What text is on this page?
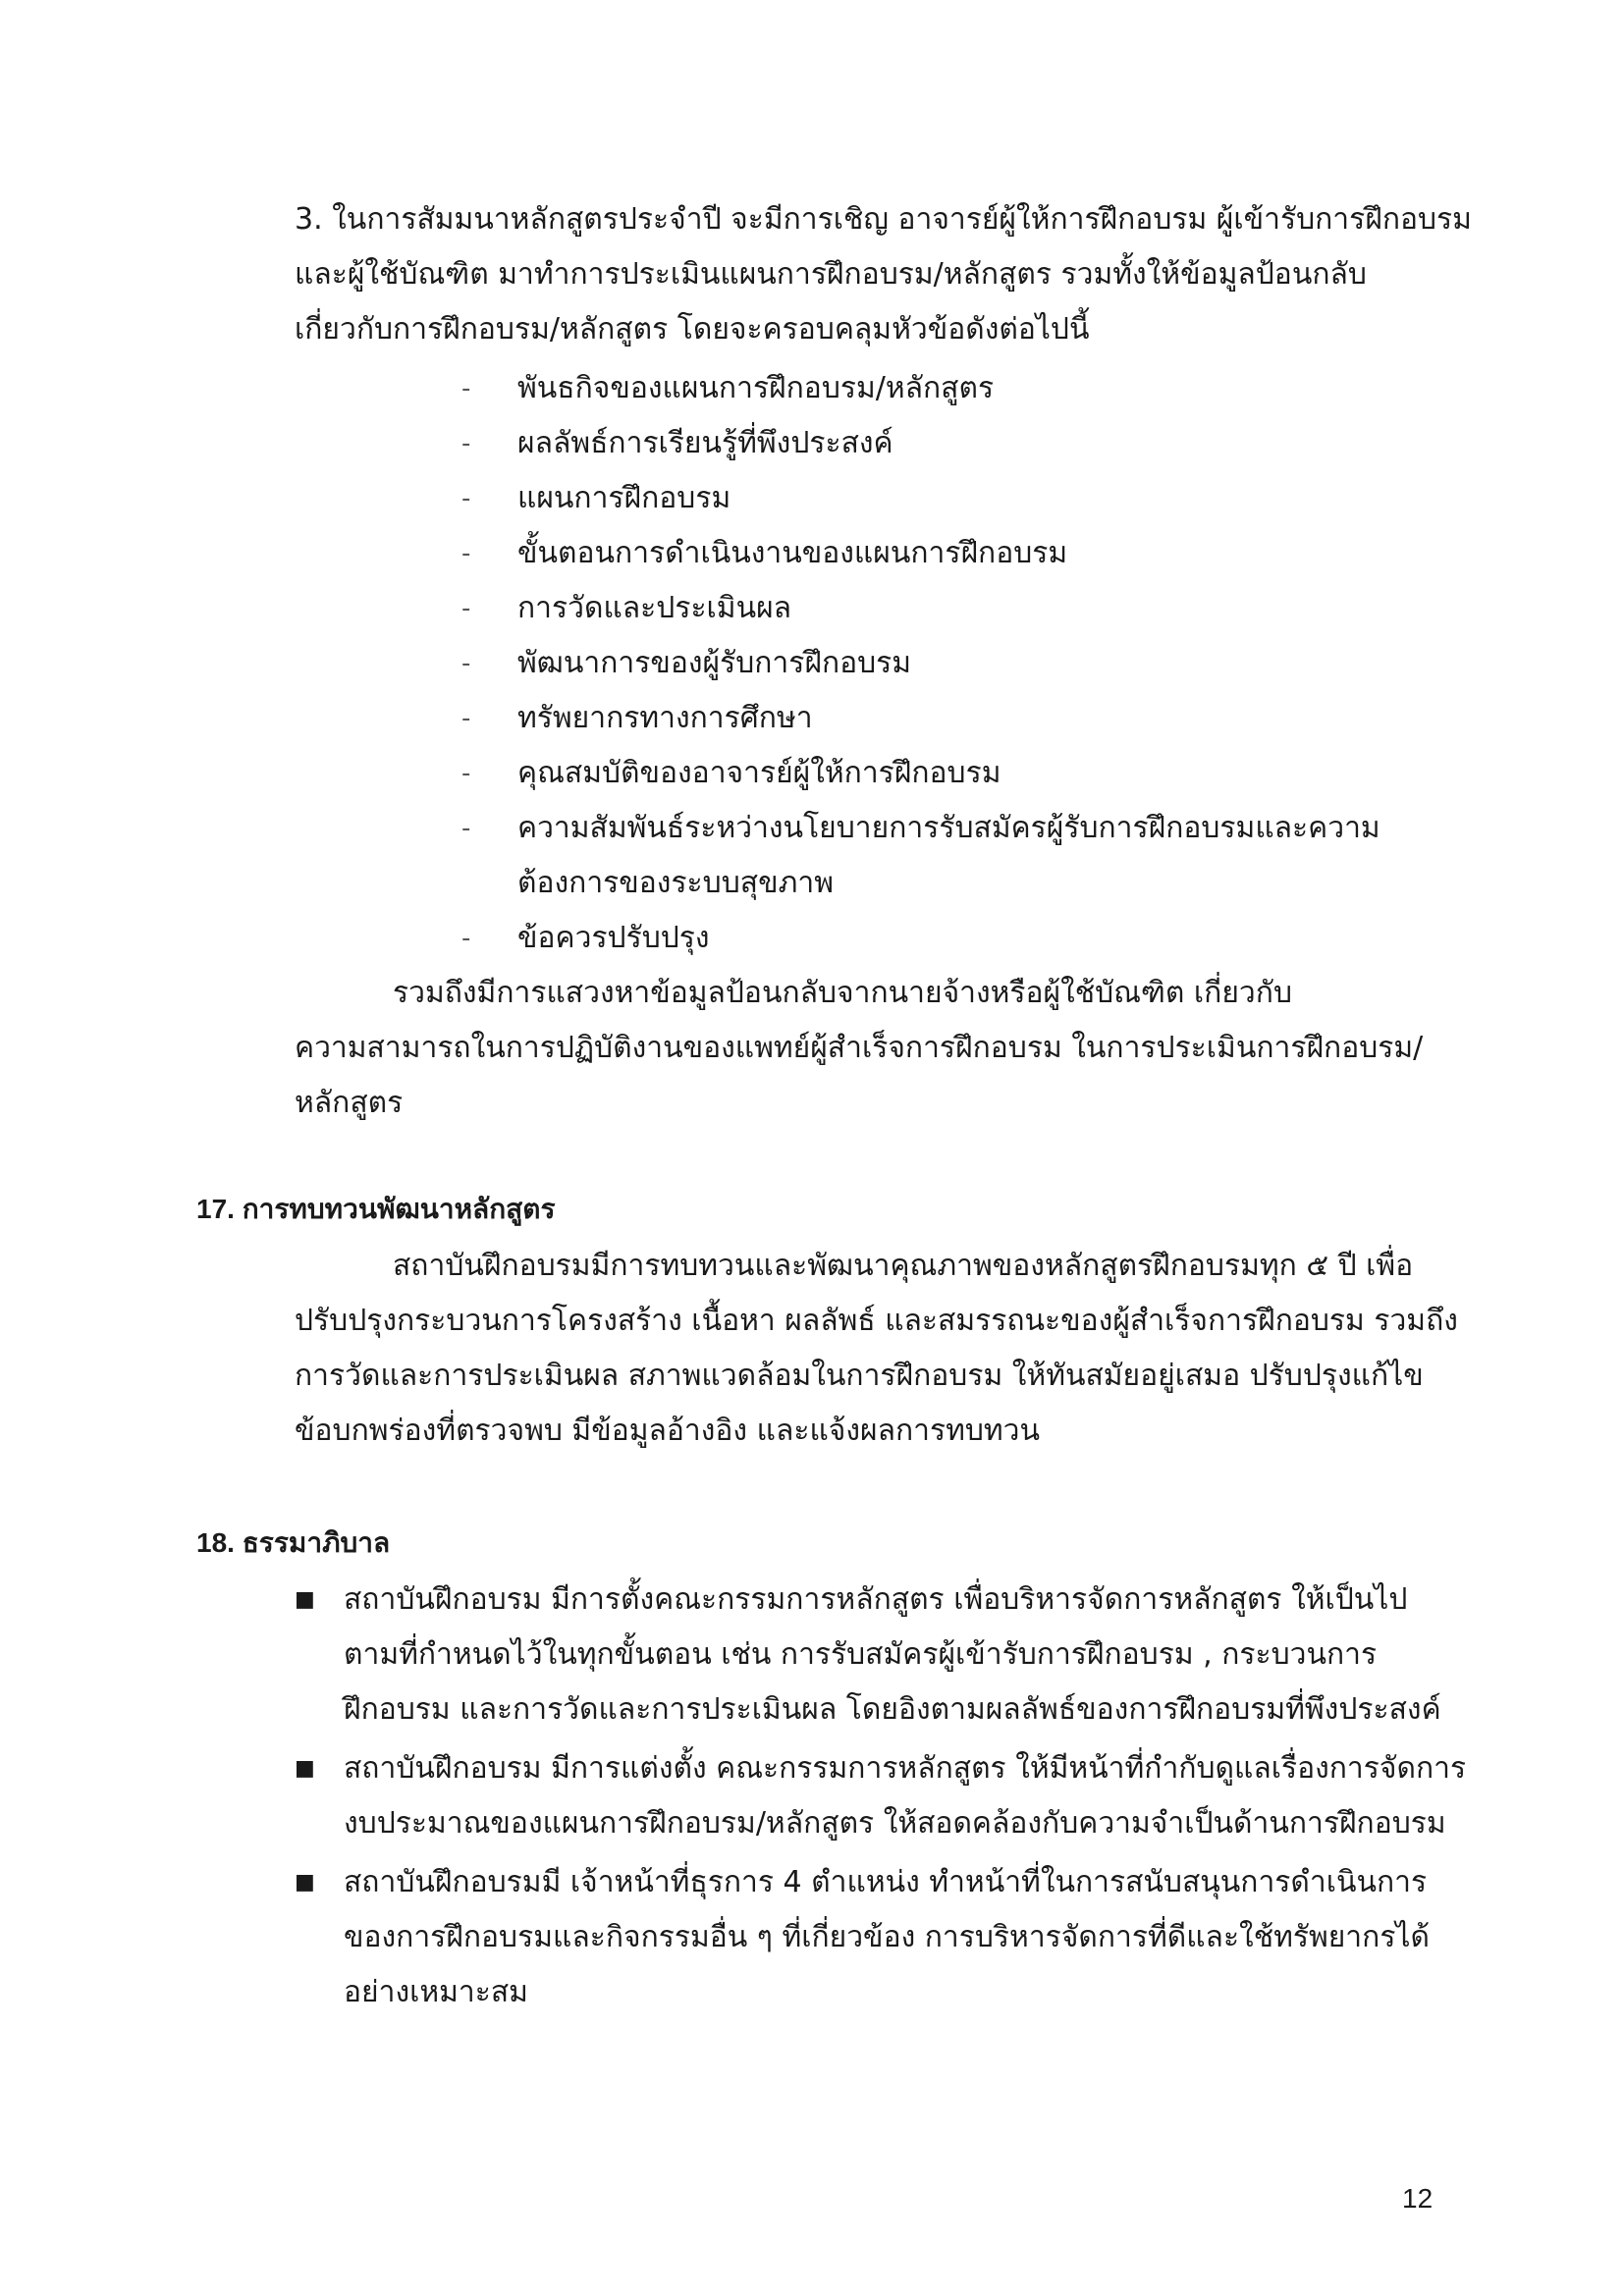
3. ในการสัมมนาหลักสูตรประจำปี จะมีการเชิญ อาจารย์ผู้ให้การฝึกอบรม ผู้เข้ารับการฝึกอบรม
และผู้ใช้บัณฑิต มาทำการประเมินแผนการฝึกอบรม/หลักสูตร รวมทั้งให้ข้อมูลป้อนกลับ
เกี่ยวกับการฝึกอบรม/หลักสูตร โดยจะครอบคลุมหัวข้อดังต่อไปนี้
- พันธกิจของแผนการฝึกอบรม/หลักสูตร
- ผลลัพธ์การเรียนรู้ที่พึงประสงค์
- แผนการฝึกอบรม
- ขั้นตอนการดำเนินงานของแผนการฝึกอบรม
- การวัดและประเมินผล
- พัฒนาการของผู้รับการฝึกอบรม
- ทรัพยากรทางการศึกษา
- คุณสมบัติของอาจารย์ผู้ให้การฝึกอบรม
- ความสัมพันธ์ระหว่างนโยบายการรับสมัครผู้รับการฝึกอบรมและความ
ต้องการของระบบสุขภาพ
- ข้อควรปรับปรุง
รวมถึงมีการแสวงหาข้อมูลป้อนกลับจากนายจ้างหรือผู้ใช้บัณฑิต เกี่ยวกับ
ความสามารถในการปฏิบัติงานของแพทย์ผู้สำเร็จการฝึกอบรม ในการประเมินการฝึกอบรม/
หลักสูตร
17. การทบทวนพัฒนาหลักสูตร
สถาบันฝึกอบรมมีการทบทวนและพัฒนาคุณภาพของหลักสูตรฝึกอบรมทุก ๕ ปี เพื่อ
ปรับปรุงกระบวนการโครงสร้าง เนื้อหา ผลลัพธ์ และสมรรถนะของผู้สำเร็จการฝึกอบรม รวมถึง
การวัดและการประเมินผล สภาพแวดล้อมในการฝึกอบรม ให้ทันสมัยอยู่เสมอ ปรับปรุงแก้ไข
ข้อบกพร่องที่ตรวจพบ มีข้อมูลอ้างอิง และแจ้งผลการทบทวน
18. ธรรมาภิบาล
■ สถาบันฝึกอบรม มีการตั้งคณะกรรมการหลักสูตร เพื่อบริหารจัดการหลักสูตร ให้เป็นไป
ตามที่กำหนดไว้ในทุกขั้นตอน เช่น การรับสมัครผู้เข้ารับการฝึกอบรม , กระบวนการ
ฝึกอบรม และการวัดและการประเมินผล โดยอิงตามผลลัพธ์ของการฝึกอบรมที่พึงประสงค์
■ สถาบันฝึกอบรม มีการแต่งตั้ง คณะกรรมการหลักสูตร ให้มีหน้าที่กำกับดูแลเรื่องการจัดการ
งบประมาณของแผนการฝึกอบรม/หลักสูตร ให้สอดคล้องกับความจำเป็นด้านการฝึกอบรม
■ สถาบันฝึกอบรมมี เจ้าหน้าที่ธุรการ 4 ตำแหน่ง ทำหน้าที่ในการสนับสนุนการดำเนินการ
ของการฝึกอบรมและกิจกรรมอื่น ๆ ที่เกี่ยวข้อง การบริหารจัดการที่ดีและใช้ทรัพยากรได้
อย่างเหมาะสม
12
